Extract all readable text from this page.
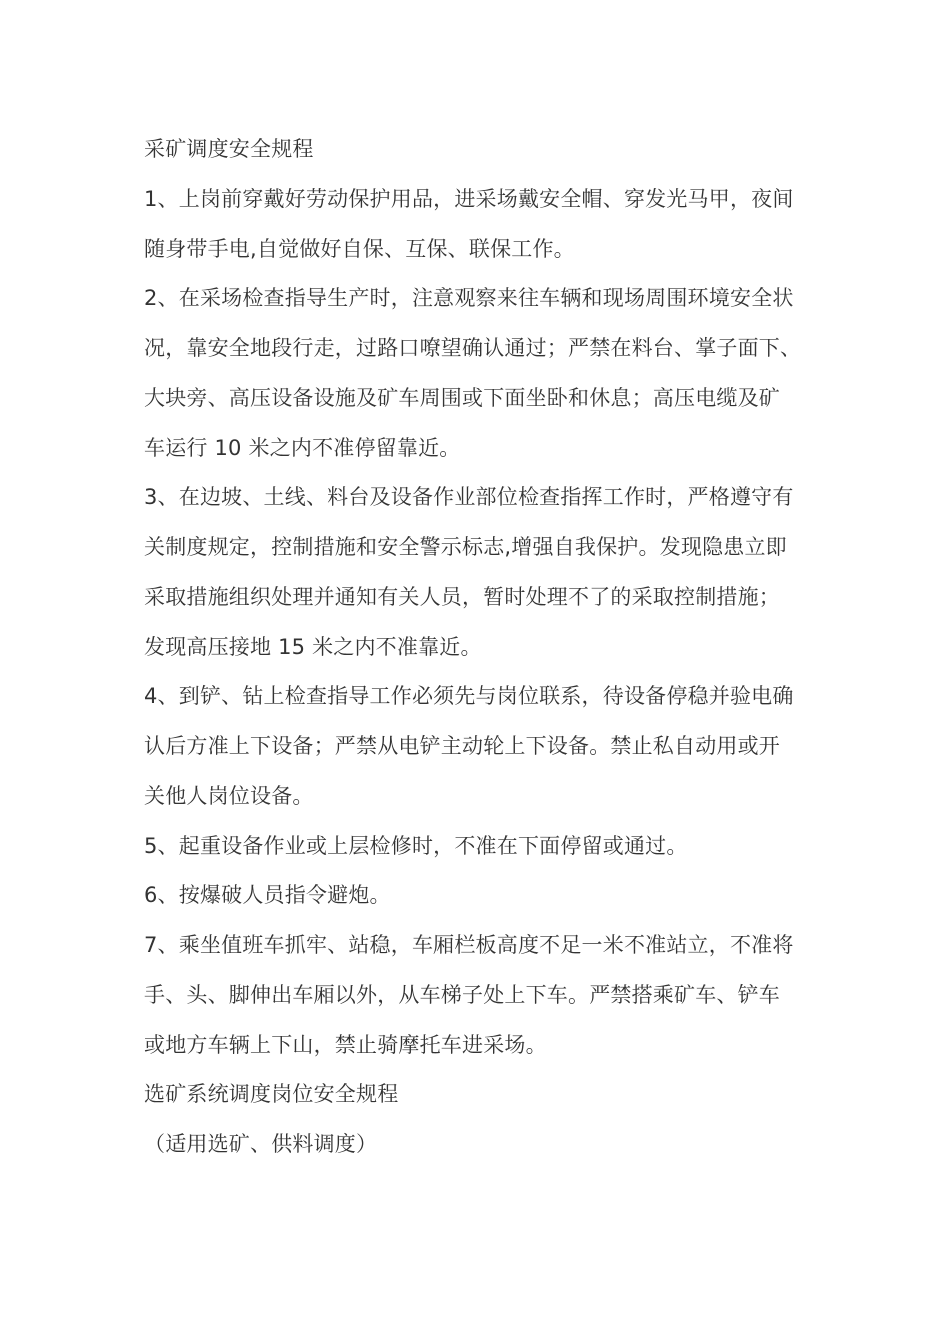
采矿调度安全规程
1、上岗前穿戴好劳动保护用品，进采场戴安全帽、穿发光马甲，夜间
随身带手电,自觉做好自保、互保、联保工作。
2、在采场检查指导生产时，注意观察来往车辆和现场周围环境安全状
况，靠安全地段行走，过路口嘹望确认通过；严禁在料台、掌子面下、
大块旁、高压设备设施及矿车周围或下面坐卧和休息；高压电缆及矿
车运行 10 米之内不准停留靠近。
3、在边坡、土线、料台及设备作业部位检查指挥工作时，严格遵守有
关制度规定，控制措施和安全警示标志,增强自我保护。发现隐患立即
采取措施组织处理并通知有关人员，暂时处理不了的采取控制措施；
发现高压接地 15 米之内不准靠近。
4、到铲、钻上检查指导工作必须先与岗位联系，待设备停稳并验电确
认后方准上下设备；严禁从电铲主动轮上下设备。禁止私自动用或开
关他人岗位设备。
5、起重设备作业或上层检修时，不准在下面停留或通过。
6、按爆破人员指令避炮。
7、乘坐值班车抓牢、站稳，车厢栏板高度不足一米不准站立，不准将
手、头、脚伸出车厢以外，从车梯子处上下车。严禁搭乘矿车、铲车
或地方车辆上下山，禁止骑摩托车进采场。
选矿系统调度岗位安全规程
（适用选矿、供料调度）
